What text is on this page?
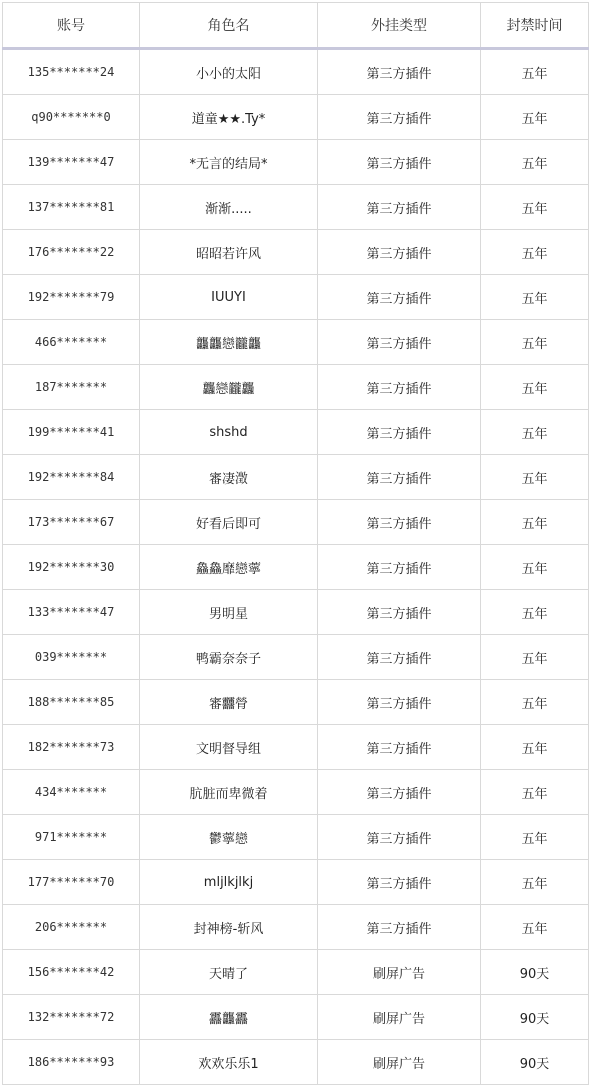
账号	角色名	外挂类型	封禁时间
135*******24	小小的太阳	第三方插件	五年
q90*******0	道童★★.Ty*	第三方插件	五年
139*******47	*无言的结局*	第三方插件	五年
137*******81	渐渐.....	第三方插件	五年
176*******22	昭昭若许风	第三方插件	五年
192*******79	IUUYI	第三方插件	五年
466*******	龘龘戀龖龘	第三方插件	五年
187*******	龘戀龖龘	第三方插件	五年
199*******41	shshd	第三方插件	五年
192*******84	審凄澂	第三方插件	五年
173*******67	好看后即可	第三方插件	五年
192*******30	鱻鱻靡戀薴	第三方插件	五年
133*******47	男明星	第三方插件	五年
039*******	鸭霸奈奈子	第三方插件	五年
188*******85	審䨻膋	第三方插件	五年
182*******73	文明督导组	第三方插件	五年
434*******	肮脏而卑微着	第三方插件	五年
971*******	鬱薴戀	第三方插件	五年
177*******70	mljlkjlkj	第三方插件	五年
206*******	封神榜-斩风	第三方插件	五年
156*******42	天晴了	刷屏广告	90天
132*******72	靐龘靐	刷屏广告	90天
186*******93	欢欢乐乐1	刷屏广告	90天
